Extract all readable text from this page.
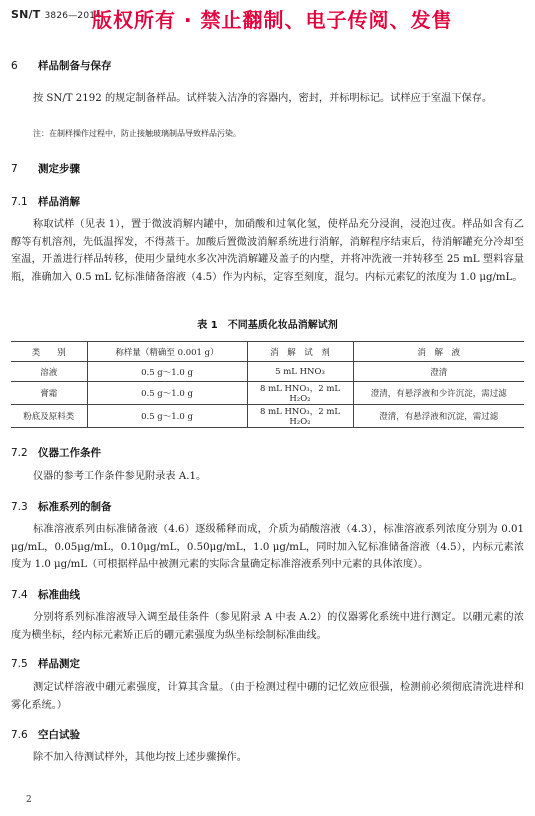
SN/T 3826—2014
版权所有 · 禁止翻制、电子传阅、发售
6 样品制备与保存

按 SN/T 2192 的规定制备样品。试样装入洁净的容器内，密封，并标明标记。试样应于室温下保存。

注：在制样操作过程中，防止接触玻璃制品导致样品污染。
7 测定步骤
7.1 样品消解

称取试样（见表 1），置于微波消解内罐中，加硝酸和过氧化氢，使样品充分浸润，浸泡过夜。样品如含有乙醇等有机溶剂，先低温挥发，不得蒸干。加酸后置微波消解系统进行消解，消解程序结束后，待消解罐充分冷却至室温，开盖进行样品转移，使用少量纯水多次冲洗消解罐及盖子的内壁，并将冲洗液一并转移至 25 mL 塑料容量瓶，准确加入 0.5 mL 钇标准储备溶液（4.5）作为内标，定容至刻度，混匀。内标元素钇的浓度为 1.0 μg/mL。

表 1　不同基质化妆品消解试剂
类　　别	称样量（精确至 0.001 g）	消　解　试　剂	消　解　液
溶液	0.5 g～1.0 g	5 mL HNO₃	澄清
膏霜	0.5 g～1.0 g	8 mL HNO₃，2 mL H₂O₂	澄清，有悬浮液和少许沉淀，需过滤
粉底及原料类	0.5 g～1.0 g	8 mL HNO₃，2 mL H₂O₂	澄清，有悬浮液和沉淀，需过滤
7.2 仪器工作条件

仪器的参考工作条件参见附录表 A.1。

7.3 标准系列的制备

标准溶液系列由标准储备液（4.6）逐级稀释而成，介质为硝酸溶液（4.3），标准溶液系列浓度分别为 0.01 μg/mL，0.05μg/mL，0.10μg/mL，0.50μg/mL，1.0 μg/mL，同时加入钇标准储备溶液（4.5），内标元素浓度为 1.0 μg/mL（可根据样品中被测元素的实际含量确定标准溶液系列中元素的具体浓度）。

7.4 标准曲线

分别将系列标准溶液导入调至最佳条件（参见附录 A 中表 A.2）的仪器雾化系统中进行测定。以硼元素的浓度为横坐标，经内标元素矫正后的硼元素强度为纵坐标绘制标准曲线。

7.5 样品测定

测定试样溶液中硼元素强度，计算其含量。（由于检测过程中硼的记忆效应很强，检测前必须彻底清洗进样和雾化系统。）

7.6 空白试验

除不加入待测试样外，其他均按上述步骤操作。

2
